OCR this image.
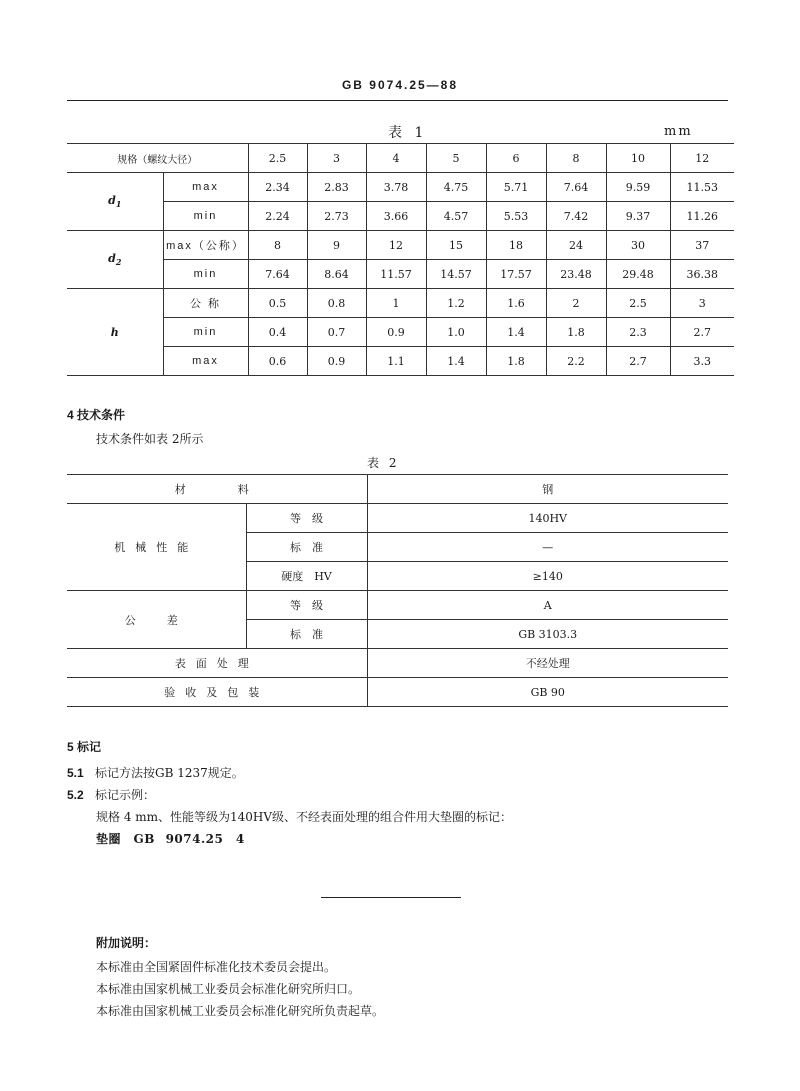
GB 9074.25—88
表 1	mm
规格（螺纹大径）		2.5	3	4	5	6	8	10	12
$d_1$	max	2.34	2.83	3.78	4.75	5.71	7.64	9.59	11.53
	min	2.24	2.73	3.66	4.57	5.53	7.42	9.37	11.26
$d_2$	max（公称）	8	9	12	15	18	24	30	37
	min	7.64	8.64	11.57	14.57	17.57	23.48	29.48	36.38
h	公 称	0.5	0.8	1	1.2	1.6	2	2.5	3
	min	0.4	0.7	0.9	1.0	1.4	1.8	2.3	2.7
	max	0.6	0.9	1.1	1.4	1.8	2.2	2.7	3.3
4 技术条件
技术条件如表 2所示
表 2
材　　料		钢
机械性能	等　级	140HV
	标　准	—
	硬度　HV	≥140
公　差	等　级	A
	标　准	GB 3103.3
表面处理		不经处理
验收及包装		GB 90
5 标记
5.1 标记方法按GB 1237规定。
5.2 标记示例：
规格 4 mm、性能等级为140HV级、不经表面处理的组合件用大垫圈的标记：
垫圈　GB 9074.25　4
附加说明：
本标准由全国紧固件标准化技术委员会提出。
本标准由国家机械工业委员会标准化研究所归口。
本标准由国家机械工业委员会标准化研究所负责起草。
